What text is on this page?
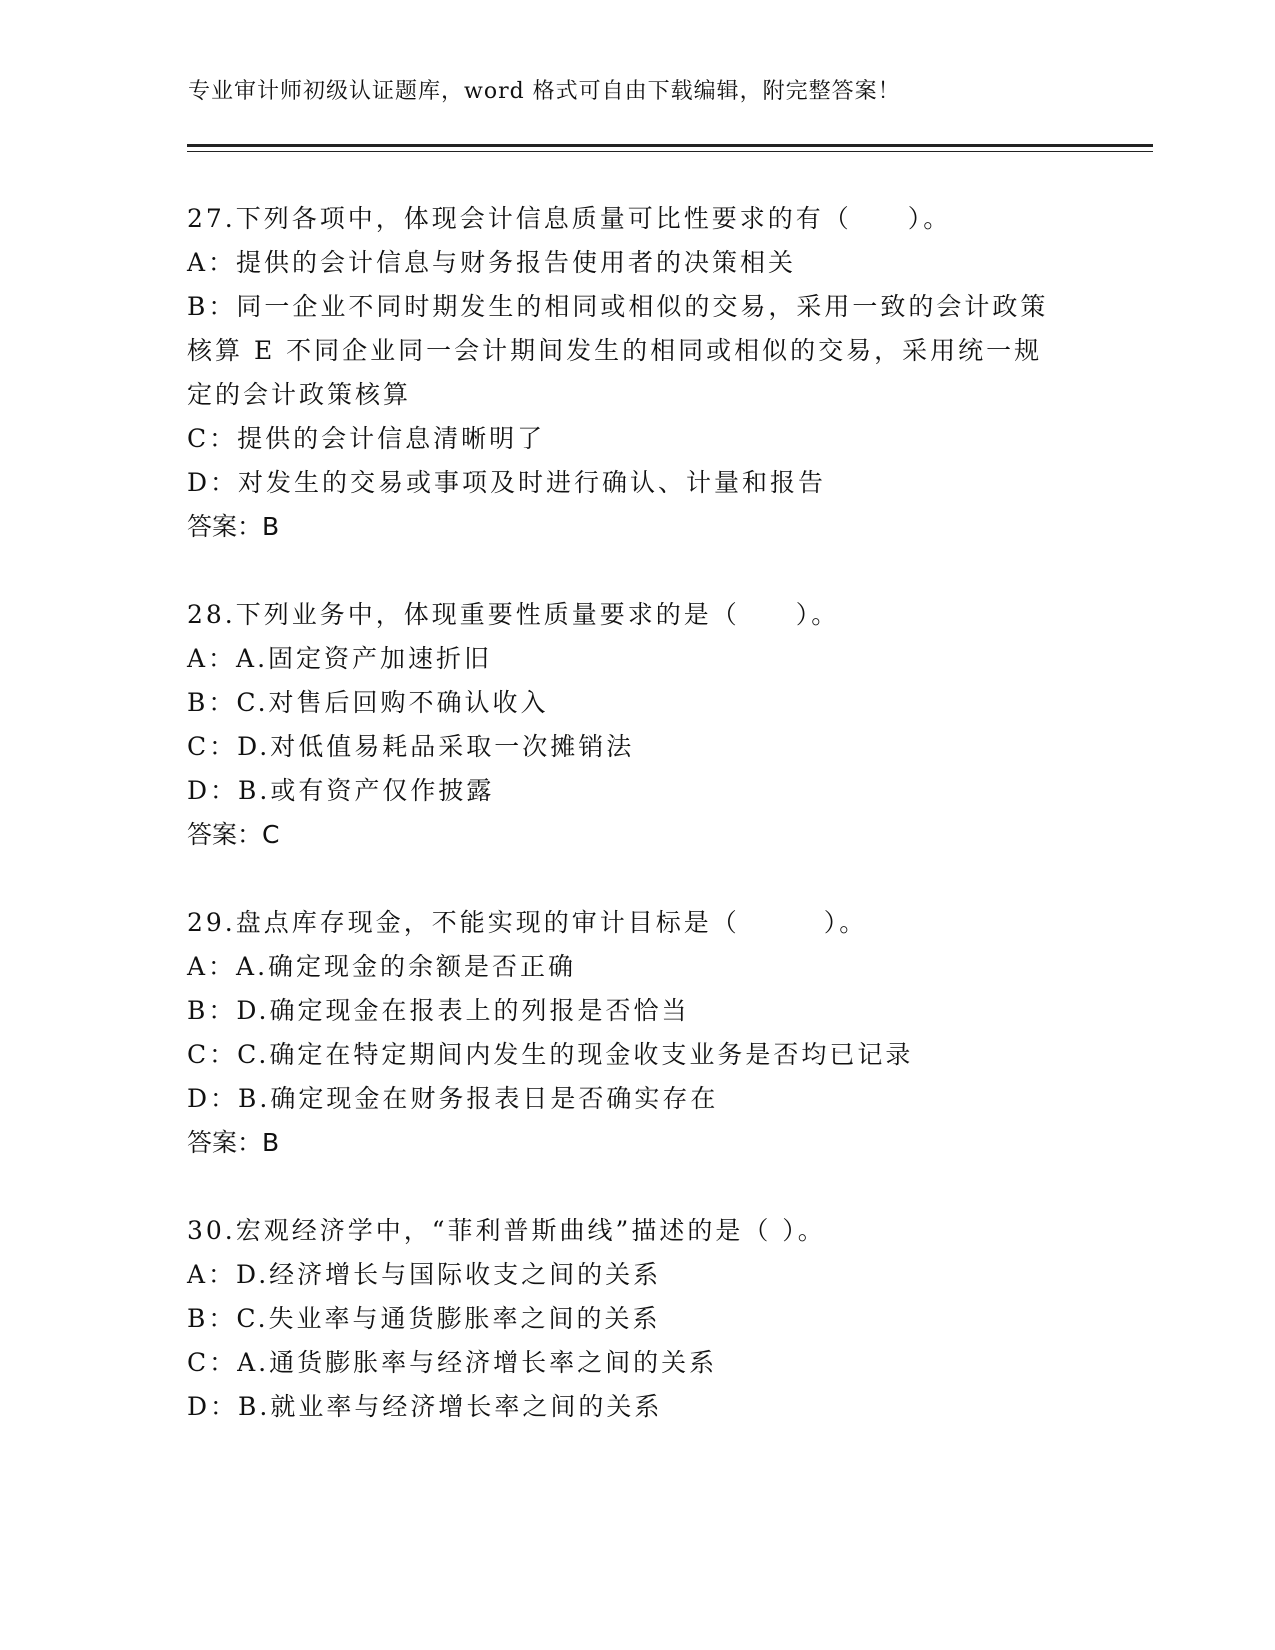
专业审计师初级认证题库，word 格式可自由下载编辑，附完整答案！
27.下列各项中，体现会计信息质量可比性要求的有（　　）。
A：提供的会计信息与财务报告使用者的决策相关
B：同一企业不同时期发生的相同或相似的交易，采用一致的会计政策
核算 E 不同企业同一会计期间发生的相同或相似的交易，采用统一规
定的会计政策核算
C：提供的会计信息清晰明了
D：对发生的交易或事项及时进行确认、计量和报告
答案：B
28.下列业务中，体现重要性质量要求的是（　　）。
A：A.固定资产加速折旧
B：C.对售后回购不确认收入
C：D.对低值易耗品采取一次摊销法
D：B.或有资产仅作披露
答案：C
29.盘点库存现金，不能实现的审计目标是（　　　）。
A：A.确定现金的余额是否正确
B：D.确定现金在报表上的列报是否恰当
C：C.确定在特定期间内发生的现金收支业务是否均已记录
D：B.确定现金在财务报表日是否确实存在
答案：B
30.宏观经济学中，“菲利普斯曲线”描述的是（ ）。
A：D.经济增长与国际收支之间的关系
B：C.失业率与通货膨胀率之间的关系
C：A.通货膨胀率与经济增长率之间的关系
D：B.就业率与经济增长率之间的关系
